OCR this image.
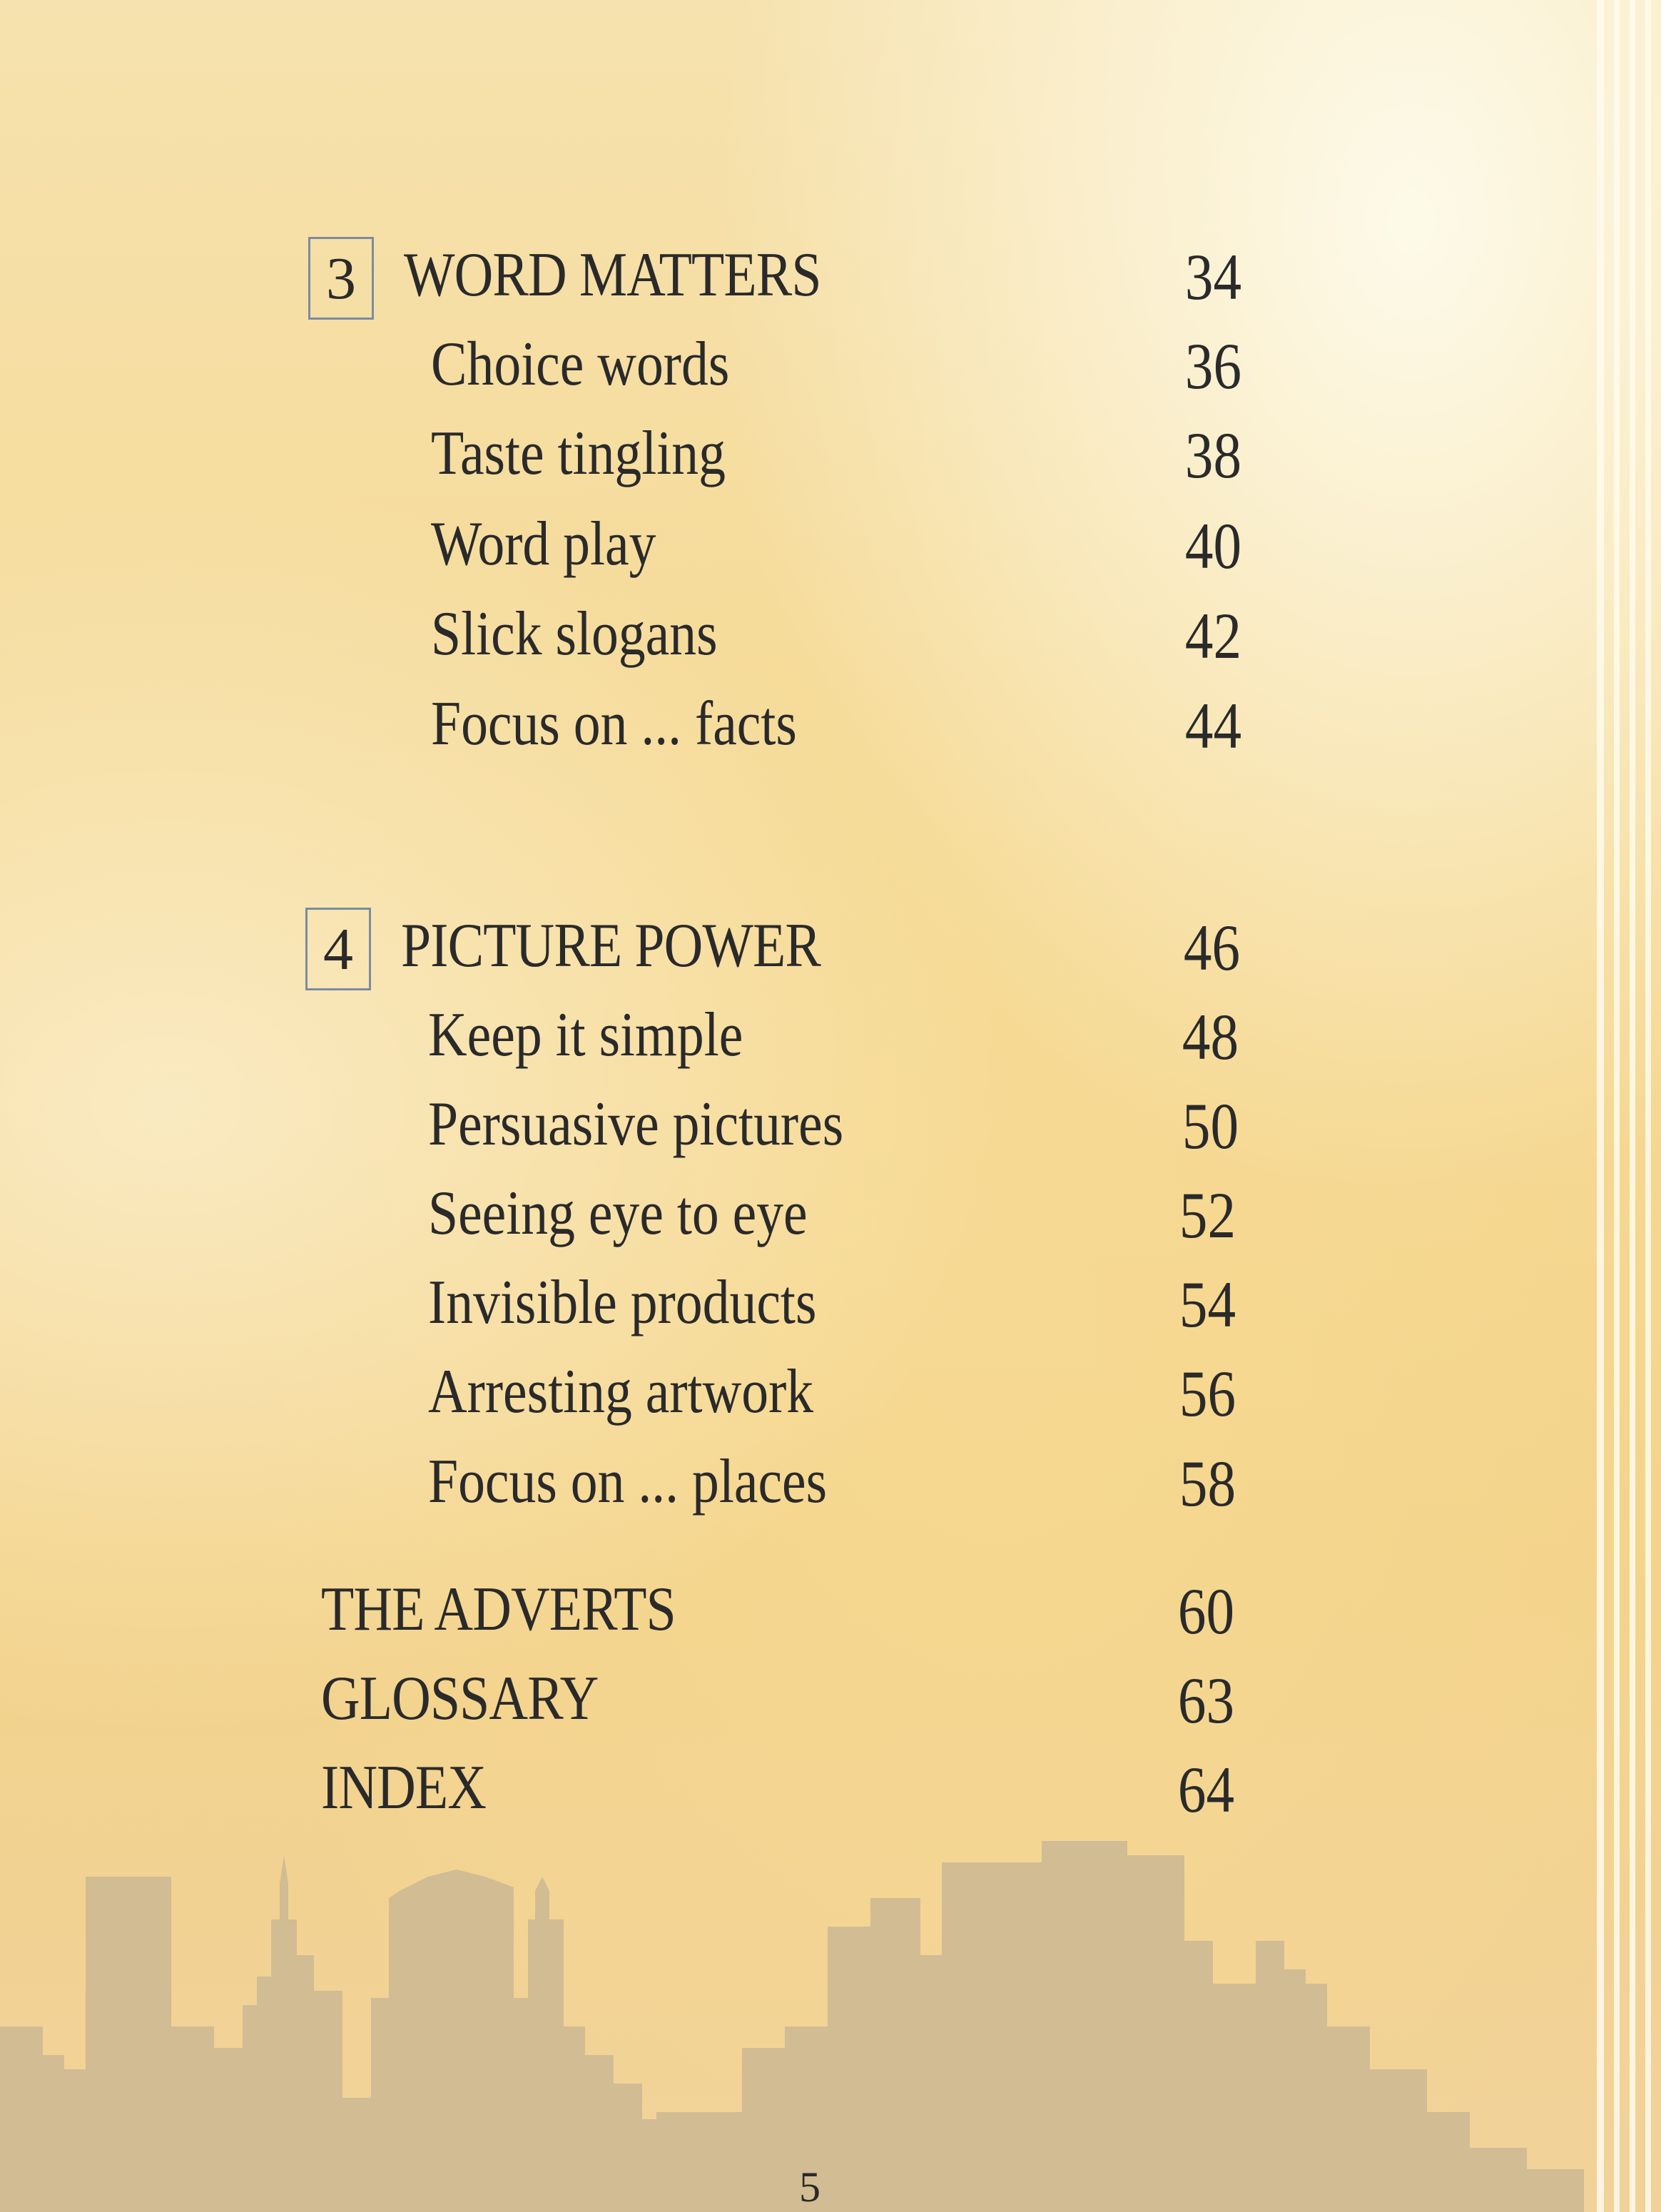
3 WORD MATTERS	34
Choice words	36
Taste tingling	38
Word play	40
Slick slogans	42
Focus on ... facts	44
4 PICTURE POWER	46
Keep it simple	48
Persuasive pictures	50
Seeing eye to eye	52
Invisible products	54
Arresting artwork	56
Focus on ... places	58
THE ADVERTS	60
GLOSSARY	63
INDEX	64
5
